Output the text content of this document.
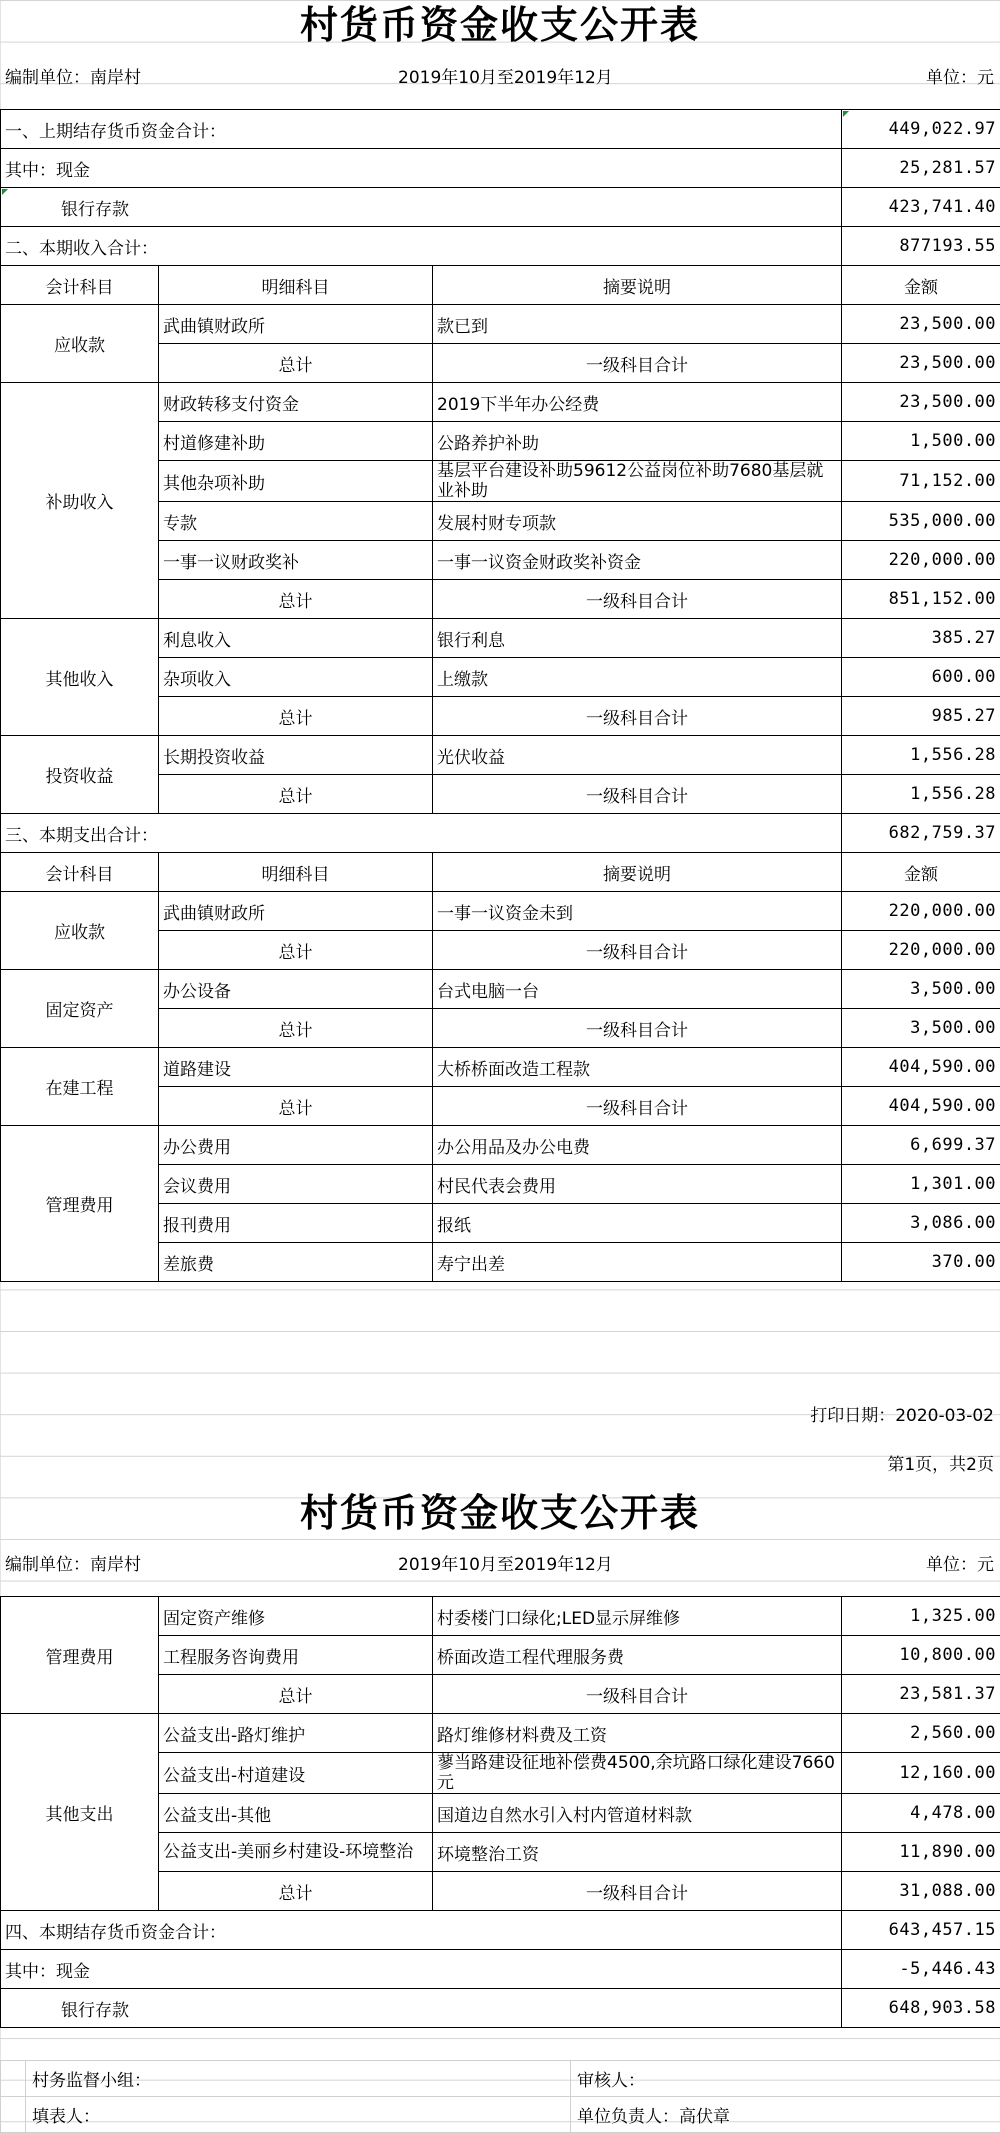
村货币资金收支公开表
编制单位：南岸村	2019年10月至2019年12月	单位：元
一、上期结存货币资金合计：			449,022.97
其中：现金			25,281.57
银行存款			423,741.40
二、本期收入合计：			877193.55
会计科目	明细科目	摘要说明	金额
应收款	武曲镇财政所	款已到	23,500.00
	总计	一级科目合计	23,500.00
补助收入	财政转移支付资金	2019下半年办公经费	23,500.00
	村道修建补助	公路养护补助	1,500.00
	其他杂项补助	基层平台建设补助59612公益岗位补助7680基层就业补助	71,152.00
	专款	发展村财专项款	535,000.00
	一事一议财政奖补	一事一议资金财政奖补资金	220,000.00
	总计	一级科目合计	851,152.00
其他收入	利息收入	银行利息	385.27
	杂项收入	上缴款	600.00
	总计	一级科目合计	985.27
投资收益	长期投资收益	光伏收益	1,556.28
	总计	一级科目合计	1,556.28
三、本期支出合计：			682,759.37
会计科目	明细科目	摘要说明	金额
应收款	武曲镇财政所	一事一议资金未到	220,000.00
	总计	一级科目合计	220,000.00
固定资产	办公设备	台式电脑一台	3,500.00
	总计	一级科目合计	3,500.00
在建工程	道路建设	大桥桥面改造工程款	404,590.00
	总计	一级科目合计	404,590.00
管理费用	办公费用	办公用品及办公电费	6,699.37
	会议费用	村民代表会费用	1,301.00
	报刊费用	报纸	3,086.00
	差旅费	寿宁出差	370.00
打印日期：2020-03-02
第1页，共2页
村货币资金收支公开表
编制单位：南岸村	2019年10月至2019年12月	单位：元
管理费用	固定资产维修	村委楼门口绿化;LED显示屏维修	1,325.00
	工程服务咨询费用	桥面改造工程代理服务费	10,800.00
	总计	一级科目合计	23,581.37
其他支出	公益支出-路灯维护	路灯维修材料费及工资	2,560.00
	公益支出-村道建设	蓼当路建设征地补偿费4500,余坑路口绿化建设7660元	12,160.00
	公益支出-其他	国道边自然水引入村内管道材料款	4,478.00
	公益支出-美丽乡村建设-环境整治	环境整治工资	11,890.00
	总计	一级科目合计	31,088.00
四、本期结存货币资金合计：			643,457.15
其中：现金			-5,446.43
银行存款			648,903.58
	村务监督小组：	审核人：
	填表人：	单位负责人：高伏章
